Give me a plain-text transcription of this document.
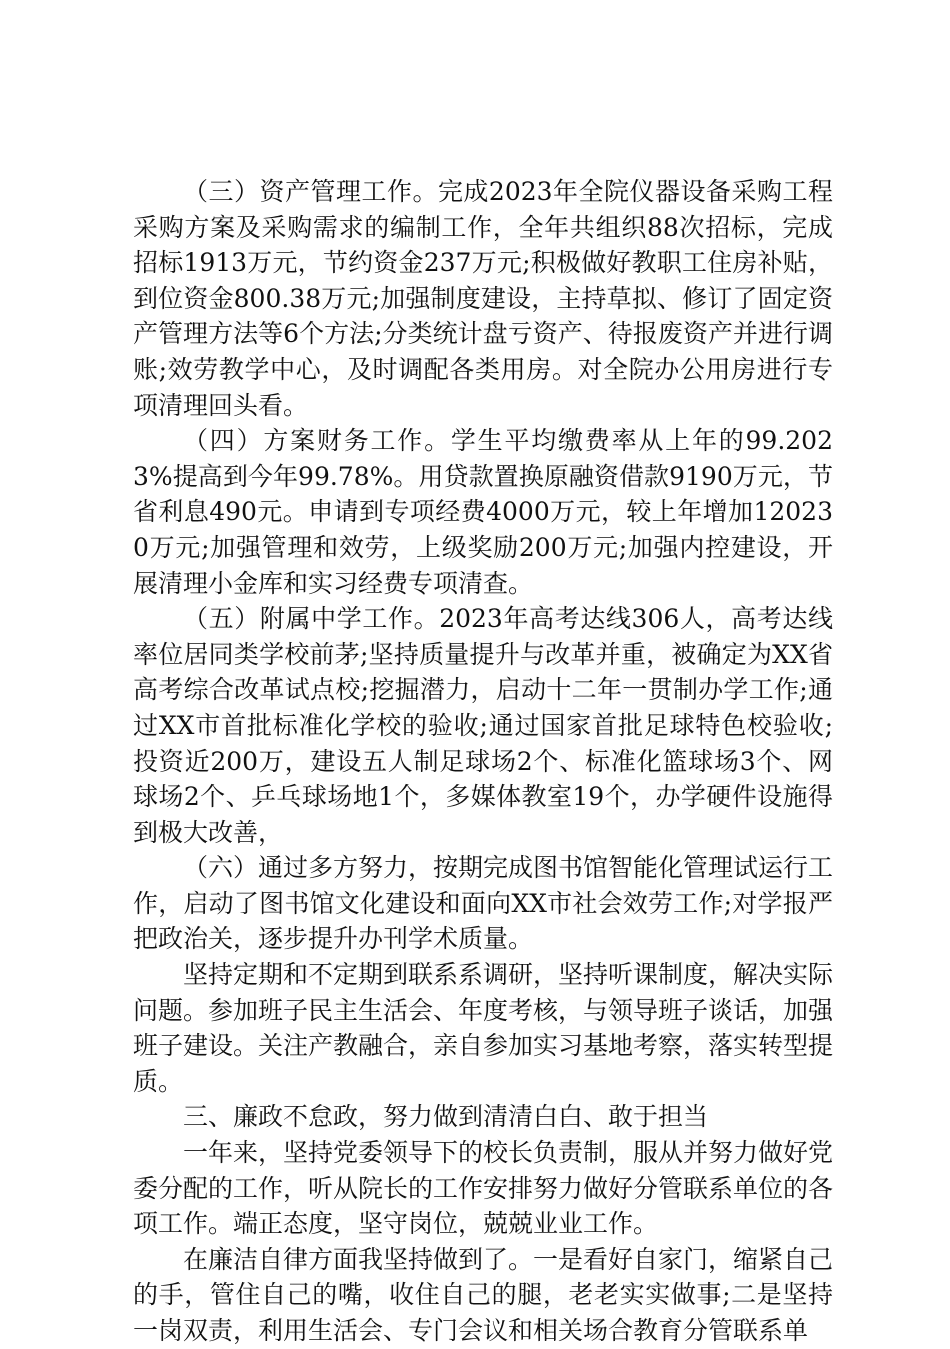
（三）资产管理工作。完成2023年全院仪器设备采购工程采购方案及采购需求的编制工作，全年共组织88次招标，完成招标1913万元，节约资金237万元;积极做好教职工住房补贴，到位资金800.38万元;加强制度建设，主持草拟、修订了固定资产管理方法等6个方法;分类统计盘亏资产、待报废资产并进行调账;效劳教学中心，及时调配各类用房。对全院办公用房进行专项清理回头看。

（四）方案财务工作。学生平均缴费率从上年的99.2023%提高到今年99.78%。用贷款置换原融资借款9190万元，节省利息490元。申请到专项经费4000万元，较上年增加120230万元;加强管理和效劳，上级奖励200万元;加强内控建设，开展清理小金库和实习经费专项清查。

（五）附属中学工作。2023年高考达线306人，高考达线率位居同类学校前茅;坚持质量提升与改革并重，被确定为XX省高考综合改革试点校;挖掘潜力，启动十二年一贯制办学工作;通过XX市首批标准化学校的验收;通过国家首批足球特色校验收;投资近200万，建设五人制足球场2个、标准化篮球场3个、网球场2个、乒乓球场地1个，多媒体教室19个，办学硬件设施得到极大改善，

（六）通过多方努力，按期完成图书馆智能化管理试运行工作，启动了图书馆文化建设和面向XX市社会效劳工作;对学报严把政治关，逐步提升办刊学术质量。

坚持定期和不定期到联系系调研，坚持听课制度，解决实际问题。参加班子民主生活会、年度考核，与领导班子谈话，加强班子建设。关注产教融合，亲自参加实习基地考察，落实转型提质。

三、廉政不怠政，努力做到清清白白、敢于担当

一年来，坚持党委领导下的校长负责制，服从并努力做好党委分配的工作，听从院长的工作安排努力做好分管联系单位的各项工作。端正态度，坚守岗位，兢兢业业工作。

在廉洁自律方面我坚持做到了。一是看好自家门，缩紧自己的手，管住自己的嘴，收住自己的腿，老老实实做事;二是坚持一岗双责，利用生活会、专门会议和相关场合教育分管联系单
